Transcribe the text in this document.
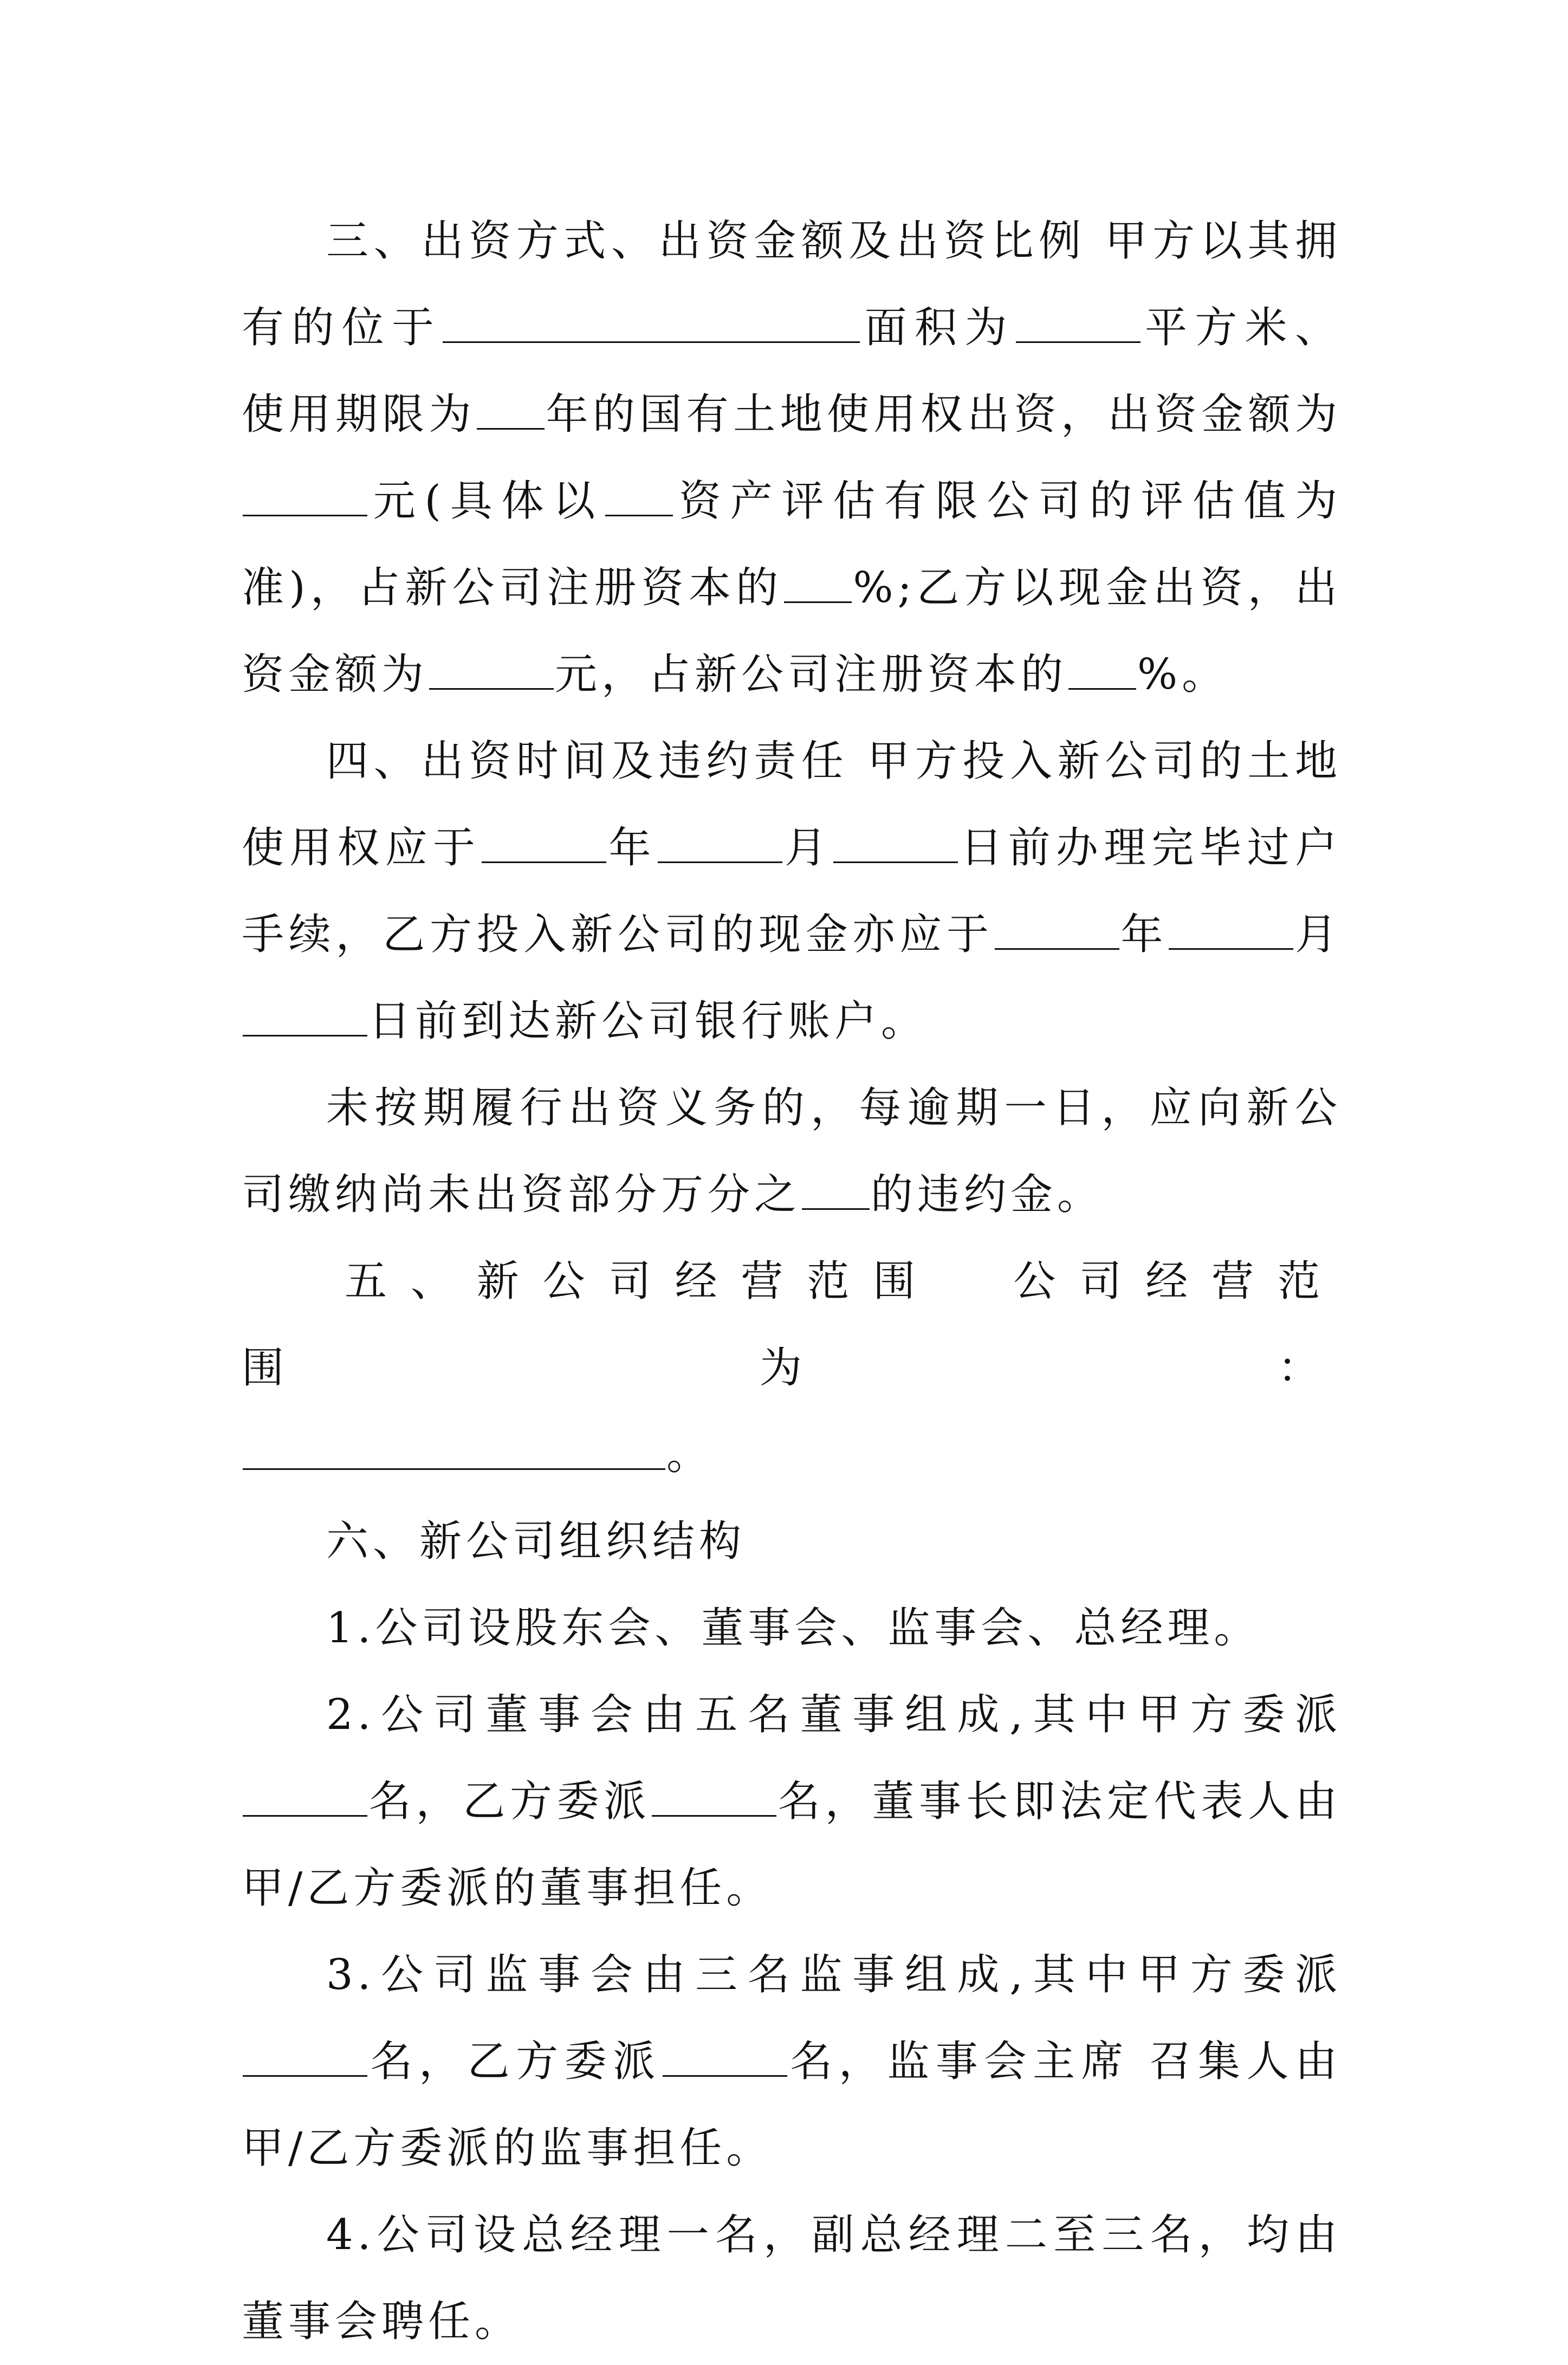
三、出资方式、出资金额及出资比例 甲方以其拥有的位于	面积为	平方米、使用期限为 年的国有土地使用权出资，出资金额为元(具体以 资产评估有限公司的评估值为准)，占新公司注册资本的 %;乙方以现金出资，出资金额为	元，占新公司注册资本的 %。

四、出资时间及违约责任 甲方投入新公司的土地使用权应于	年	月	日前办理完毕过户手续，乙方投入新公司的现金亦应于	年	月日前到达新公司银行账户。

未按期履行出资义务的，每逾期一日，应向新公司缴纳尚未出资部分万分之 的违约金。

五、新公司经营范围 公司经营范围为：

。

六、新公司组织结构

1.公司设股东会、董事会、监事会、总经理。

2.公司董事会由五名董事组成,其中甲方委派名，乙方委派	名，董事长即法定代表人由甲/乙方委派的董事担任。

3.公司监事会由三名监事组成,其中甲方委派名，乙方委派	名，监事会主席 召集人由甲/乙方委派的监事担任。

4.公司设总经理一名，副总经理二至三名，均由董事会聘任。
